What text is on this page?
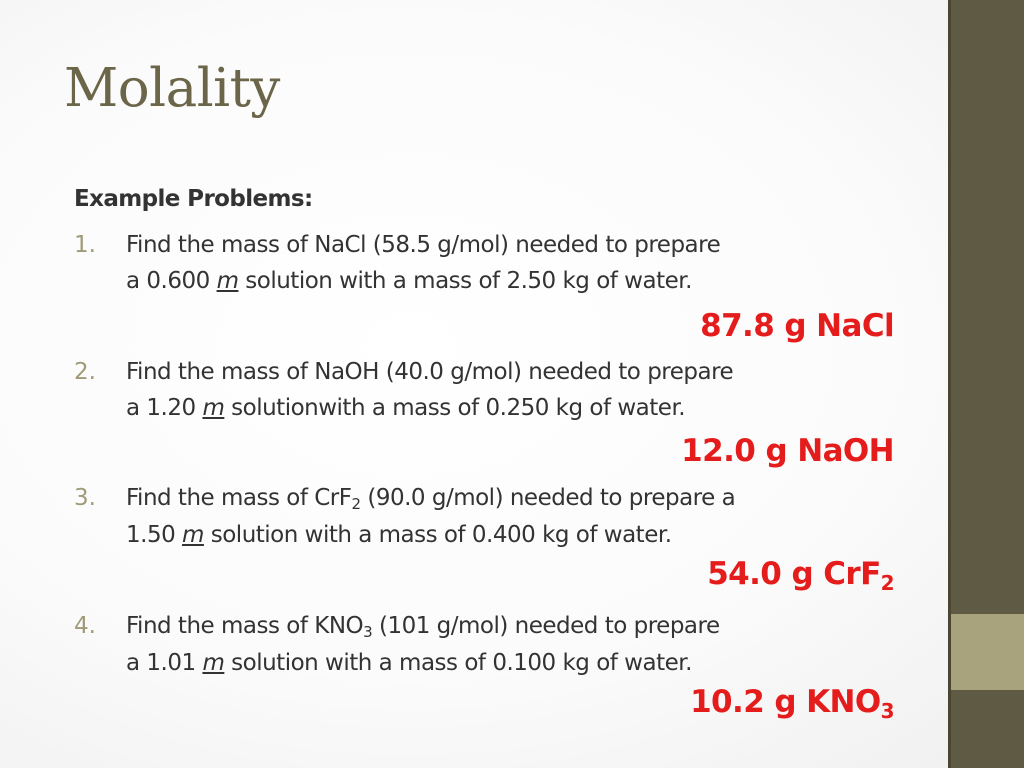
Molality
Example Problems:
1. Find the mass of NaCl (58.5 g/mol) needed to prepare
a 0.600 m solution with a mass of 2.50 kg of water.
87.8 g NaCl
2. Find the mass of NaOH (40.0 g/mol) needed to prepare
a 1.20 m solutionwith a mass of 0.250 kg of water.
12.0 g NaOH
3. Find the mass of CrF$_2$ (90.0 g/mol) needed to prepare a
1.50 m solution with a mass of 0.400 kg of water.
54.0 g CrF$_2$
4. Find the mass of $KNO_3$ (101 g/mol) needed to prepare
a 1.01 m solution with a mass of 0.100 kg of water.
10.2 g $KNO_3$
